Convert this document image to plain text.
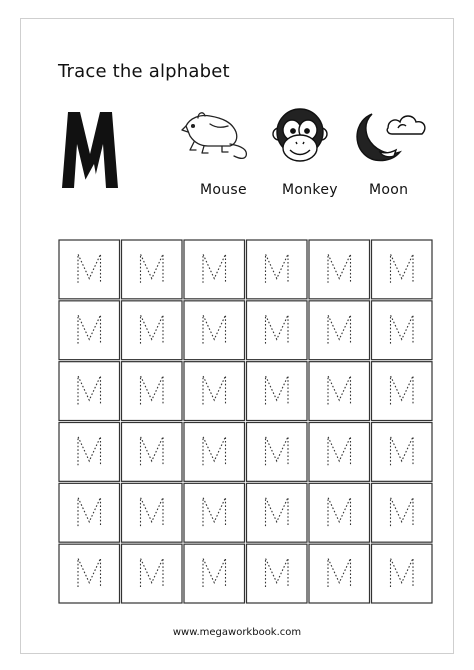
Trace the alphabet
Mouse	Monkey Moon
www.megaworkbook.com
